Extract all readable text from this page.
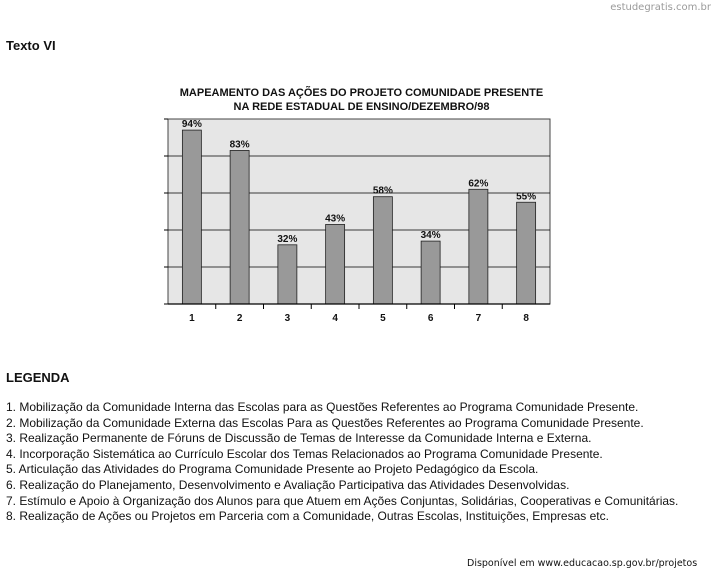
estudegratis.com.br
Texto VI
MAPEAMENTO DAS AÇÕES DO PROJETO COMUNIDADE PRESENTE
NA REDE ESTADUAL DE ENSINO/DEZEMBRO/98
94%
83%
32%
43%
58%
34%
62%
55%
1	2	3	4	5	6	7	8
LEGENDA
1. Mobilização da Comunidade Interna das Escolas para as Questões Referentes ao Programa Comunidade Presente.
2. Mobilização da Comunidade Externa das Escolas Para as Questões Referentes ao Programa Comunidade Presente.
3. Realização Permanente de Fóruns de Discussão de Temas de Interesse da Comunidade Interna e Externa.
4. Incorporação Sistemática ao Currículo Escolar dos Temas Relacionados ao Programa Comunidade Presente.
5. Articulação das Atividades do Programa Comunidade Presente ao Projeto Pedagógico da Escola.
6. Realização do Planejamento, Desenvolvimento e Avaliação Participativa das Atividades Desenvolvidas.
7. Estímulo e Apoio à Organização dos Alunos para que Atuem em Ações Conjuntas, Solidárias, Cooperativas e Comunitárias.
8. Realização de Ações ou Projetos em Parceria com a Comunidade, Outras Escolas, Instituições, Empresas etc.
Disponível em www.educacao.sp.gov.br/projetos
